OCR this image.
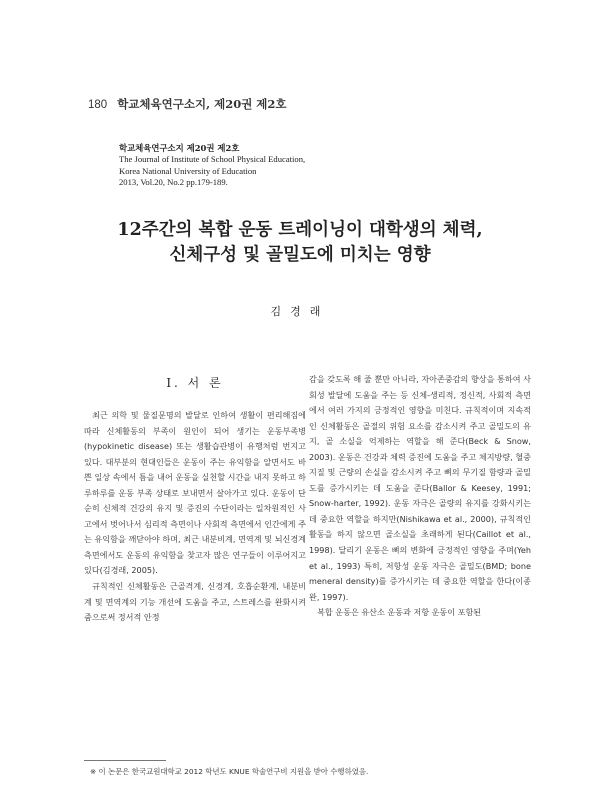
180 학교체육연구소지, 제20권 제2호
학교체육연구소지 제20권 제2호
The Journal of Institute of School Physical Education,
Korea National University of Education
2013, Vol.20, No.2 pp.179-189.
12주간의 복합 운동 트레이닝이 대학생의 체력,
신체구성 및 골밀도에 미치는 영향
김경래
Ⅰ. 서 론

최근 의학 및 물질문명의 발달로 인하여 생활이 편리해짐에 따라 신체활동의 부족이 원인이 되어 생기는 운동부족병(hypokinetic disease) 또는 생활습관병이 유행처럼 번지고 있다. 대부분의 현대인들은 운동이 주는 유익함을 알면서도 바쁜 일상 속에서 틈을 내어 운동을 실천할 시간을 내지 못하고 하루하루를 운동 부족 상태로 보내면서 살아가고 있다. 운동이 단순히 신체적 건강의 유지 및 증진의 수단이라는 일차원적인 사고에서 벗어나서 심리적 측면이나 사회적 측면에서 인간에게 주는 유익함을 깨닫아야 하며, 최근 내분비계, 면역계 및 뇌신경계 측면에서도 운동의 유익함을 찾고자 많은 연구들이 이루어지고 있다(김경래, 2005).

규칙적인 신체활동은 근골격계, 신경계, 호흡순환계, 내분비계 및 면역계의 기능 개선에 도움을 주고, 스트레스를 완화시켜 줌으로써 정서적 안정

감을 갖도록 해 줄 뿐만 아니라, 자아존중감의 향상을 통하여 사회성 발달에 도움을 주는 등 신체-생리적, 정신적, 사회적 측면에서 여러 가지의 긍정적인 영향을 미친다. 규칙적이며 지속적인 신체활동은 골절의 위험 요소를 감소시켜 주고 골밀도의 유지, 골 소실을 억제하는 역할을 해 준다(Beck & Snow, 2003). 운동은 건강과 체력 증진에 도움을 주고 체지방량, 혈중 지질 및 근량의 손실을 감소시켜 주고 뼈의 무기질 함량과 골밀도를 증가시키는 데 도움을 준다(Ballor & Keesey, 1991; Snow-harter, 1992). 운동 자극은 골량의 유지를 강화시키는 데 중요한 역할을 하지만(Nishikawa et al., 2000), 규칙적인 활동을 하지 않으면 골소실을 초래하게 된다(Caillot et al., 1998). 달리기 운동은 뼈의 변화에 긍정적인 영향을 주며(Yeh et al., 1993) 특히, 저항성 운동 자극은 골밀도(BMD; bone meneral density)를 증가시키는 데 중요한 역할을 한다(이종완, 1997).

복합 운동은 유산소 운동과 저항 운동이 포함된

※ 이 논문은 한국교원대학교 2012 학년도 KNUE 학술연구비 지원을 받아 수행하였음.
